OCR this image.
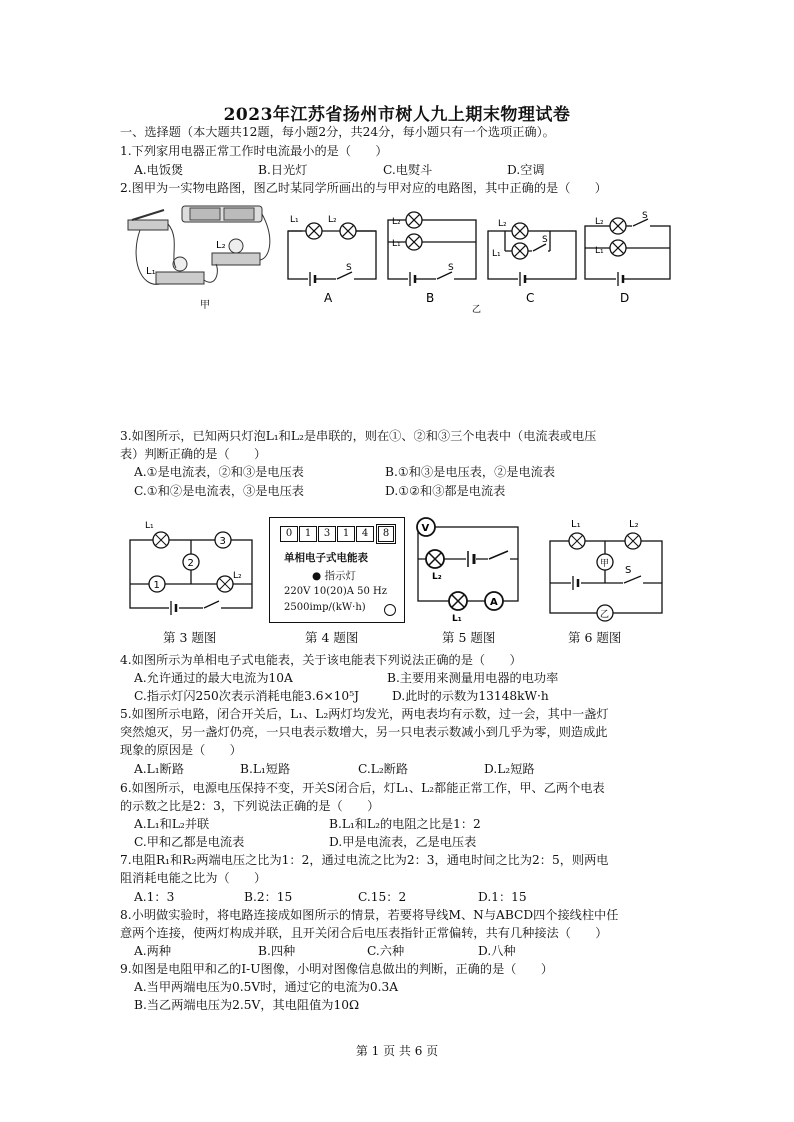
2023年江苏省扬州市树人九上期末物理试卷
一、选择题（本大题共12题，每小题2分，共24分，每小题只有一个选项正确）。
1.下列家用电器正常工作时电流最小的是（　　）
A.电饭煲	B.日光灯	C.电熨斗	D.空调
2.图甲为一实物电路图，图乙时某同学所画出的与甲对应的电路图，其中正确的是（　　）
L₂
L₁
甲
L₁	L₂
S
A
L₂
L₁
S
B
L₂
L₁
S
C
L₂
L₁
S
D
乙
3.如图所示，已知两只灯泡L₁和L₂是串联的，则在①、②和③三个电表中（电流表或电压
表）判断正确的是（　　）
A.①是电流表，②和③是电压表	B.①和③是电压表，②是电流表
C.①和②是电流表，③是电压表	D.①②和③都是电流表
L₁
L₂
3
2
1
第 3 题图
0	1	3	1	4	8
单相电子式电能表
● 指示灯
220V 10(20)A 50 Hz
2500imp/(kW·h)
第 4 题图
V
L₂
L₁
A
第 5 题图
L₁	L₂
甲
S
乙
第 6 题图
4.如图所示为单相电子式电能表，关于该电能表下列说法正确的是（　　）
A.允许通过的最大电流为10A	B.主要用来测量用电器的电功率
C.指示灯闪250次表示消耗电能3.6×10⁵J	D.此时的示数为13148kW·h
5.如图所示电路，闭合开关后，L₁、L₂两灯均发光，两电表均有示数，过一会，其中一盏灯
突然熄灭，另一盏灯仍亮，一只电表示数增大，另一只电表示数减小到几乎为零，则造成此
现象的原因是（　　）
A.L₁断路	B.L₁短路	C.L₂断路	D.L₂短路
6.如图所示，电源电压保持不变，开关S闭合后，灯L₁、L₂都能正常工作，甲、乙两个电表
的示数之比是2：3，下列说法正确的是（　　）
A.L₁和L₂并联	B.L₁和L₂的电阻之比是1：2
C.甲和乙都是电流表	D.甲是电流表，乙是电压表
7.电阻R₁和R₂两端电压之比为1：2，通过电流之比为2：3，通电时间之比为2：5，则两电
阻消耗电能之比为（　　）
A.1：3	B.2：15	C.15：2	D.1：15
8.小明做实验时，将电路连接成如图所示的情景，若要将导线M、N与ABCD四个接线柱中任
意两个连接，使两灯构成并联，且开关闭合后电压表指针正常偏转，共有几种接法（　　）
A.两种	B.四种	C.六种	D.八种
9.如图是电阻甲和乙的I-U图像，小明对图像信息做出的判断，正确的是（　　）
A.当甲两端电压为0.5V时，通过它的电流为0.3A
B.当乙两端电压为2.5V，其电阻值为10Ω
第 1 页 共 6 页
